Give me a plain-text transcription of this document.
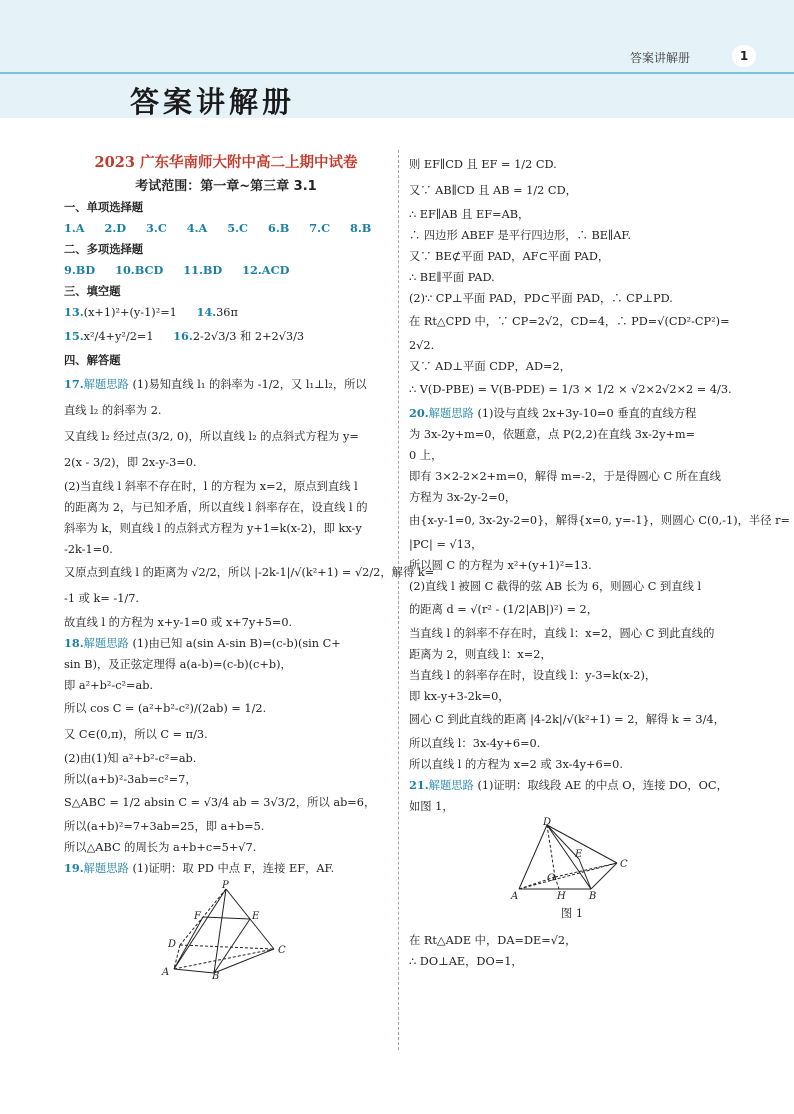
答案讲解册	1
答案讲解册
2023 广东华南师大附中高二上期中试卷
考试范围：第一章~第三章 3.1
一、单项选择题
1.A 2.D 3.C 4.A 5.C 6.B 7.C 8.B
二、多项选择题
9.BD 10.BCD 11.BD 12.ACD
三、填空题
13.(x+1)²+(y-1)²=1 14.36π
15.x²/4+y²/2=1 16.2-2√3/3 和 2+2√3/3
四、解答题
17.解题思路 (1)易知直线 l₁ 的斜率为 -1/2，又 l₁⊥l₂，所以
直线 l₂ 的斜率为 2.
又直线 l₂ 经过点(3/2, 0)，所以直线 l₂ 的点斜式方程为 y=
2(x - 3/2)，即 2x-y-3=0.
(2)当直线 l 斜率不存在时，l 的方程为 x=2，原点到直线 l
的距离为 2，与已知矛盾，所以直线 l 斜率存在，设直线 l 的
斜率为 k，则直线 l 的点斜式方程为 y+1=k(x-2)，即 kx-y
-2k-1=0.
又原点到直线 l 的距离为 √2/2，所以 |-2k-1|/√(k²+1) = √2/2，解得 k=
-1 或 k= -1/7.
故直线 l 的方程为 x+y-1=0 或 x+7y+5=0.
18.解题思路 (1)由已知 a(sin A-sin B)=(c-b)(sin C+
sin B)，及正弦定理得 a(a-b)=(c-b)(c+b)，
即 a²+b²-c²=ab.
所以 cos C = (a²+b²-c²)/(2ab) = 1/2.
又 C∈(0,π)，所以 C = π/3.
(2)由(1)知 a²+b²-c²=ab.
所以(a+b)²-3ab=c²=7，
S△ABC = 1/2 absin C = √3/4 ab = 3√3/2，所以 ab=6，
所以(a+b)²=7+3ab=25，即 a+b=5.
所以△ABC 的周长为 a+b+c=5+√7.
19.解题思路 (1)证明：取 PD 中点 F，连接 EF，AF.
P
F	E
D
C
A	B
则 EF∥CD 且 EF = 1/2 CD.
又∵ AB∥CD 且 AB = 1/2 CD，
∴ EF∥AB 且 EF=AB，
∴ 四边形 ABEF 是平行四边形，∴ BE∥AF.
又∵ BE⊄平面 PAD，AF⊂平面 PAD，
∴ BE∥平面 PAD.
(2)∵ CP⊥平面 PAD，PD⊂平面 PAD，∴ CP⊥PD.
在 Rt△CPD 中，∵ CP=2√2，CD=4，∴ PD=√(CD²-CP²)=
2√2.
又∵ AD⊥平面 CDP，AD=2，
∴ V(D-PBE) = V(B-PDE) = 1/3 × 1/2 × √2×2√2×2 = 4/3.
20.解题思路 (1)设与直线 2x+3y-10=0 垂直的直线方程
为 3x-2y+m=0，依题意，点 P(2,2)在直线 3x-2y+m=
0 上，
即有 3×2-2×2+m=0，解得 m=-2，于是得圆心 C 所在直线
方程为 3x-2y-2=0，
由{x-y-1=0, 3x-2y-2=0}，解得{x=0, y=-1}，则圆心 C(0,-1)，半径 r=
|PC| = √13，
所以圆 C 的方程为 x²+(y+1)²=13.
(2)直线 l 被圆 C 截得的弦 AB 长为 6，则圆心 C 到直线 l
的距离 d = √(r² - (1/2|AB|)²) = 2，
当直线 l 的斜率不存在时，直线 l：x=2，圆心 C 到此直线的
距离为 2，则直线 l：x=2，
当直线 l 的斜率存在时，设直线 l：y-3=k(x-2)，
即 kx-y+3-2k=0，
圆心 C 到此直线的距离 |4-2k|/√(k²+1) = 2，解得 k = 3/4，
所以直线 l：3x-4y+6=0.
所以直线 l 的方程为 x=2 或 3x-4y+6=0.
21.解题思路 (1)证明：取线段 AE 的中点 O，连接 DO，OC，
如图 1，
D
E
C
O
A	H B
图 1
在 Rt△ADE 中，DA=DE=√2，
∴ DO⊥AE，DO=1，
